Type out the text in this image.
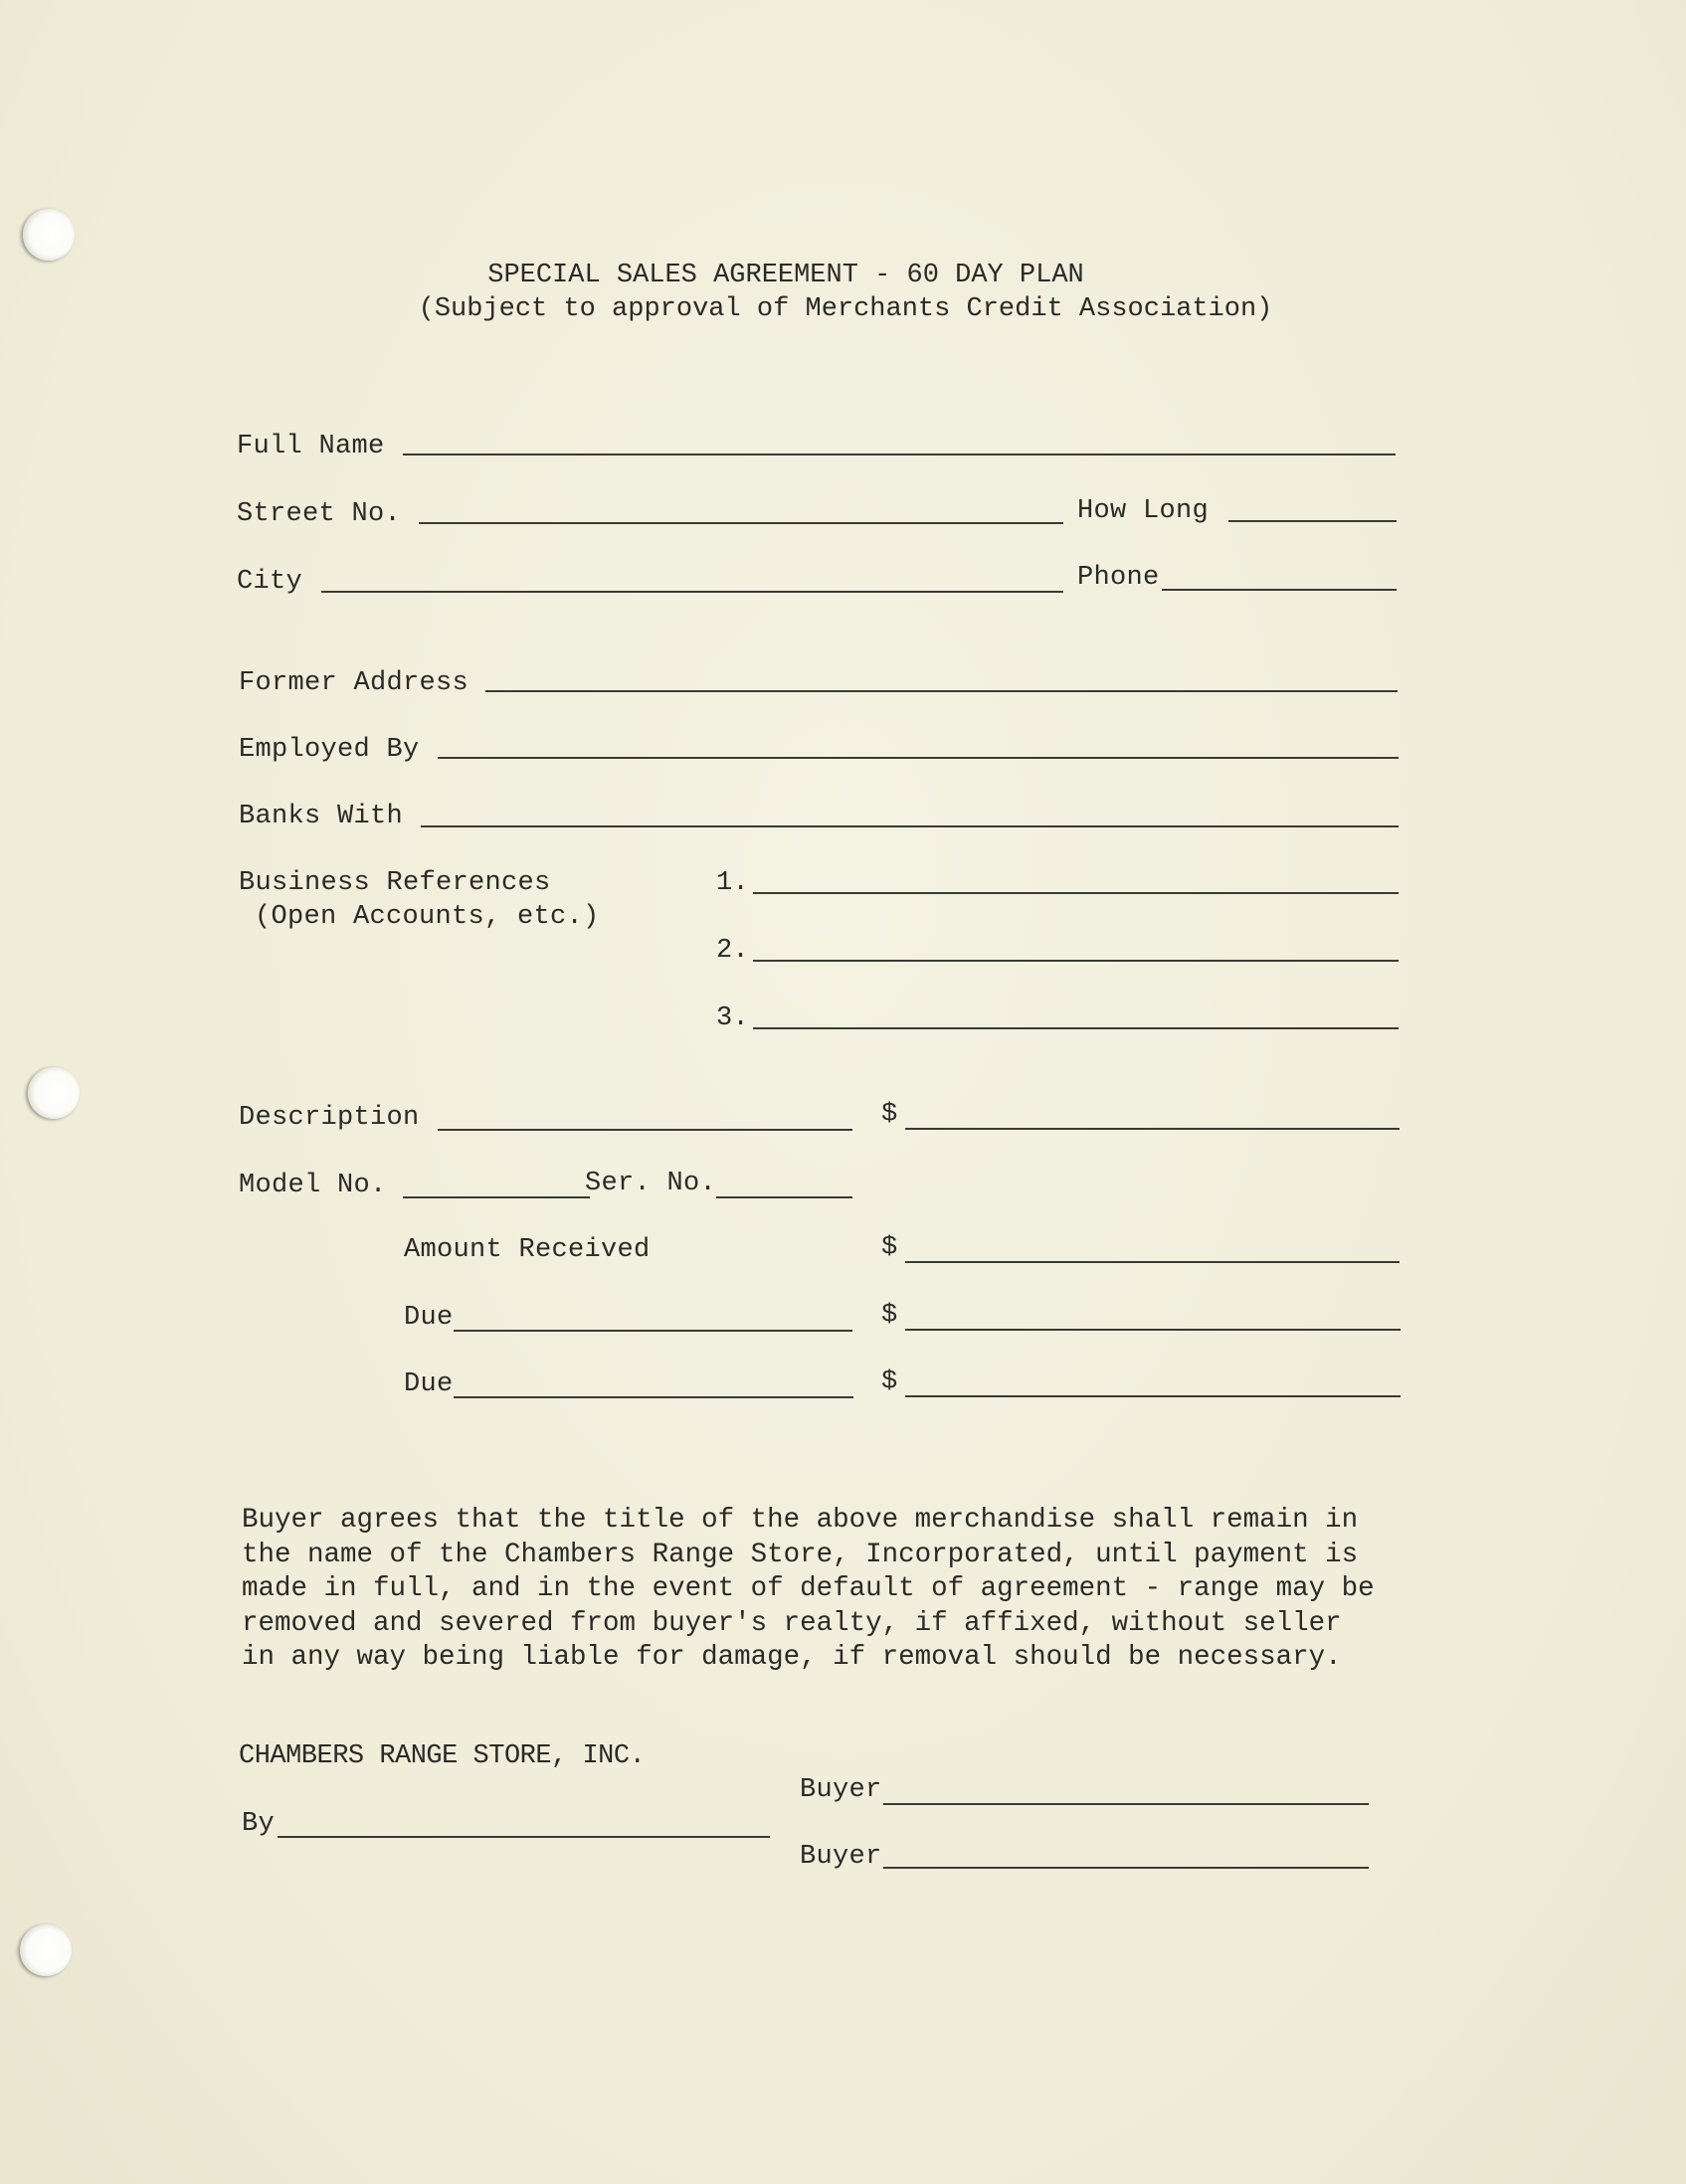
SPECIAL SALES AGREEMENT - 60 DAY PLAN
(Subject to approval of Merchants Credit Association)
Full Name
Street No.	How Long
City	Phone
Former Address
Employed By
Banks With
Business References
(Open Accounts, etc.)
1.
2.
3.
Description	$
Model No.	Ser. No.
Amount Received	$
Due	$
Due	$
Buyer agrees that the title of the above merchandise shall remain in
the name of the Chambers Range Store, Incorporated, until payment is
made in full, and in the event of default of agreement - range may be
removed and severed from buyer's realty, if affixed, without seller
in any way being liable for damage, if removal should be necessary.
CHAMBERS RANGE STORE, INC.
Buyer
By
Buyer
